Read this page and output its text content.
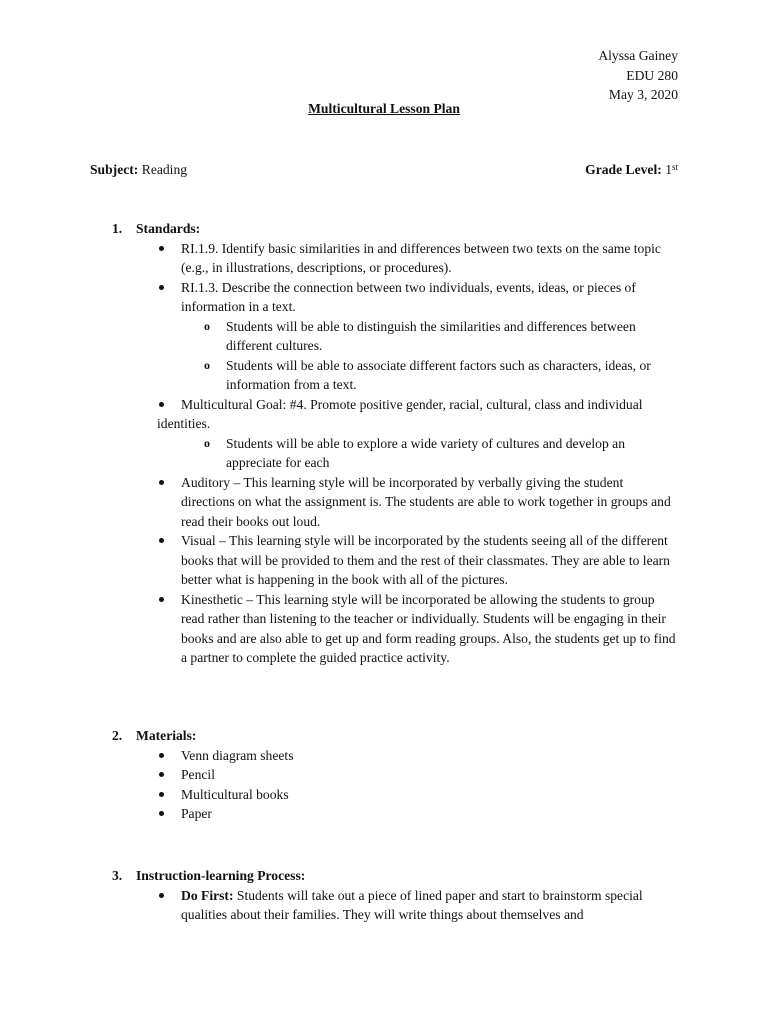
Alyssa Gainey
EDU 280
May 3, 2020
Multicultural Lesson Plan
Subject: Reading	Grade Level: 1st
1.	Standards:
RI.1.9. Identify basic similarities in and differences between two texts on the same topic (e.g., in illustrations, descriptions, or procedures).
RI.1.3. Describe the connection between two individuals, events, ideas, or pieces of information in a text.
o Students will be able to distinguish the similarities and differences between different cultures.
o Students will be able to associate different factors such as characters, ideas, or information from a text.
Multicultural Goal: #4. Promote positive gender, racial, cultural, class and individual identities.
o Students will be able to explore a wide variety of cultures and develop an appreciate for each
Auditory – This learning style will be incorporated by verbally giving the student directions on what the assignment is. The students are able to work together in groups and read their books out loud.
Visual – This learning style will be incorporated by the students seeing all of the different books that will be provided to them and the rest of their classmates. They are able to learn better what is happening in the book with all of the pictures.
Kinesthetic – This learning style will be incorporated be allowing the students to group read rather than listening to the teacher or individually. Students will be engaging in their books and are also able to get up and form reading groups. Also, the students get up to find a partner to complete the guided practice activity.
2.	Materials:
Venn diagram sheets
Pencil
Multicultural books
Paper
3.	Instruction-learning Process:
Do First: Students will take out a piece of lined paper and start to brainstorm special qualities about their families. They will write things about themselves and
